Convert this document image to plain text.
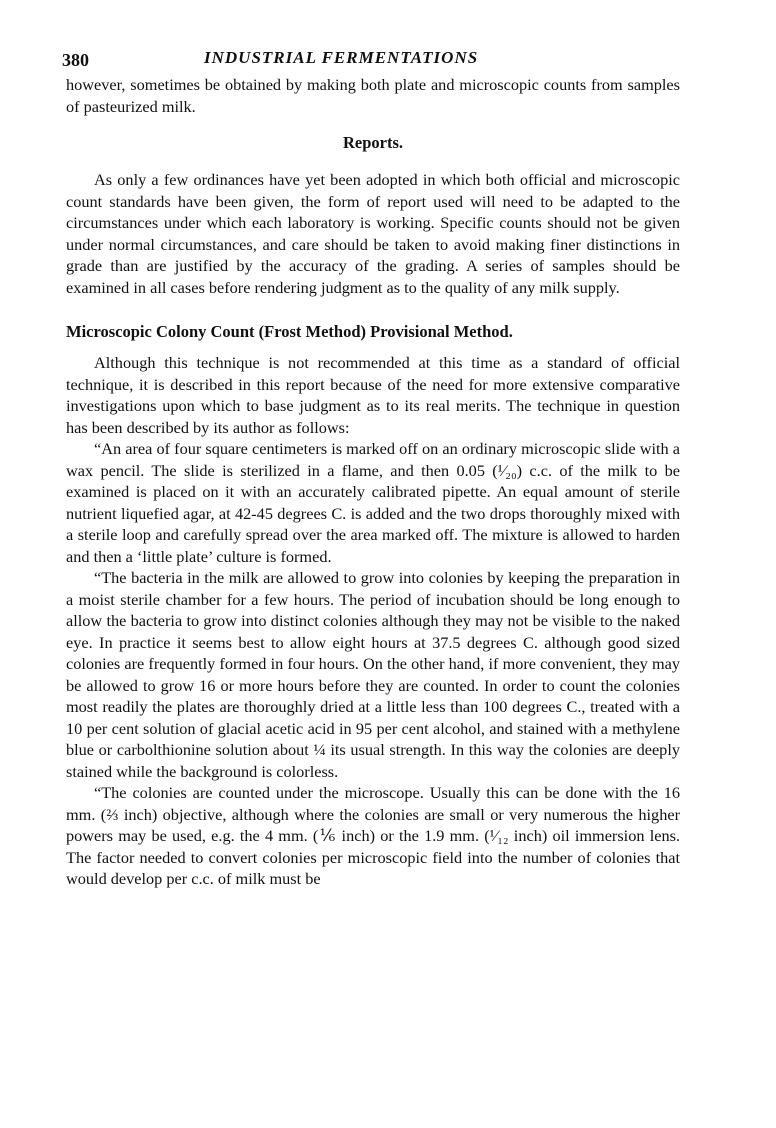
380	INDUSTRIAL FERMENTATIONS

however, sometimes be obtained by making both plate and microscopic counts from samples of pasteurized milk.

Reports.

As only a few ordinances have yet been adopted in which both official and microscopic count standards have been given, the form of report used will need to be adapted to the circumstances under which each laboratory is working. Specific counts should not be given under normal circumstances, and care should be taken to avoid making finer distinctions in grade than are justified by the accuracy of the grading. A series of samples should be examined in all cases before rendering judgment as to the quality of any milk supply.

Microscopic Colony Count (Frost Method) Provisional Method.

Although this technique is not recommended at this time as a standard of official technique, it is described in this report because of the need for more extensive comparative investigations upon which to base judgment as to its real merits. The technique in question has been described by its author as follows:

“An area of four square centimeters is marked off on an ordinary microscopic slide with a wax pencil. The slide is sterilized in a flame, and then 0.05 (¹⁄₂₀) c.c. of the milk to be examined is placed on it with an accurately calibrated pipette. An equal amount of sterile nutrient liquefied agar, at 42-45 degrees C. is added and the two drops thoroughly mixed with a sterile loop and carefully spread over the area marked off. The mixture is allowed to harden and then a ‘little plate’ culture is formed.

“The bacteria in the milk are allowed to grow into colonies by keeping the preparation in a moist sterile chamber for a few hours. The period of incubation should be long enough to allow the bacteria to grow into distinct colonies although they may not be visible to the naked eye. In practice it seems best to allow eight hours at 37.5 degrees C. although good sized colonies are frequently formed in four hours. On the other hand, if more convenient, they may be allowed to grow 16 or more hours before they are counted. In order to count the colonies most readily the plates are thoroughly dried at a little less than 100 degrees C., treated with a 10 per cent solution of glacial acetic acid in 95 per cent alcohol, and stained with a methylene blue or carbolthionine solution about ¼ its usual strength. In this way the colonies are deeply stained while the background is colorless.

“The colonies are counted under the microscope. Usually this can be done with the 16 mm. (⅔ inch) objective, although where the colonies are small or very numerous the higher powers may be used, e.g. the 4 mm. (⅙ inch) or the 1.9 mm. (¹⁄₁₂ inch) oil immersion lens. The factor needed to convert colonies per microscopic field into the number of colonies that would develop per c.c. of milk must be
